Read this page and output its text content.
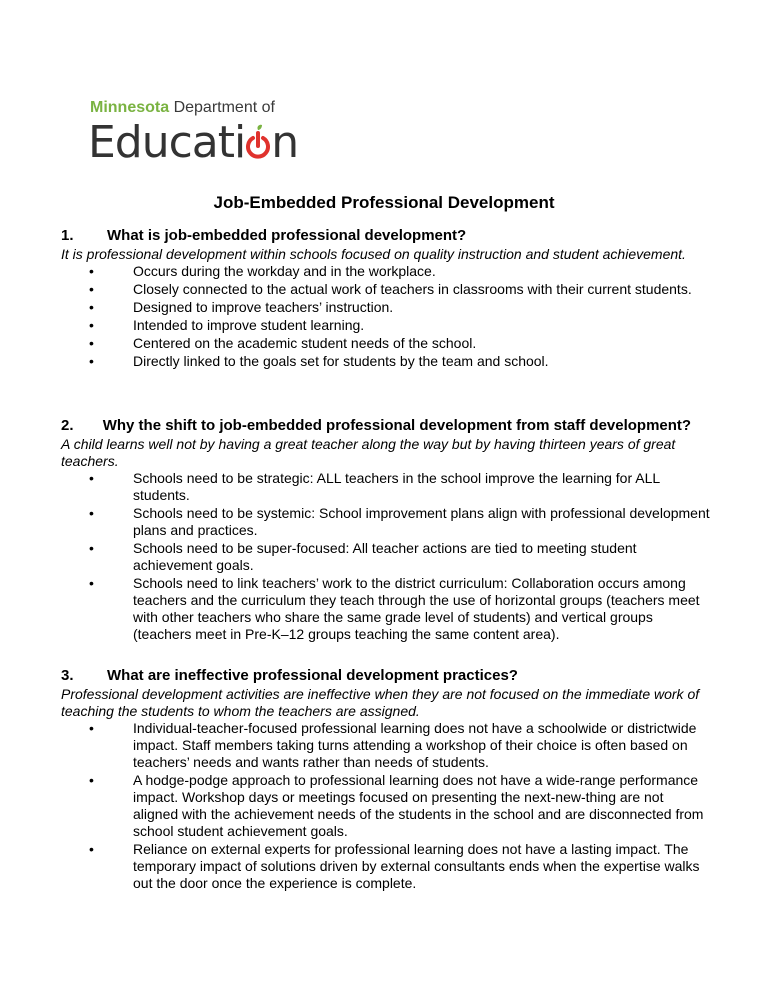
Minnesota Department of
Educati n
Job-Embedded Professional Development
1. What is job-embedded professional development?
It is professional development within schools focused on quality instruction and student achievement.
•	Occurs during the workday and in the workplace.
•	Closely connected to the actual work of teachers in classrooms with their current students.
•	Designed to improve teachers’ instruction.
•	Intended to improve student learning.
•	Centered on the academic student needs of the school.
•	Directly linked to the goals set for students by the team and school.
2. Why the shift to job-embedded professional development from staff development?
A child learns well not by having a great teacher along the way but by having thirteen years of great teachers.
•	Schools need to be strategic: ALL teachers in the school improve the learning for ALL students.
•	Schools need to be systemic: School improvement plans align with professional development plans and practices.
•	Schools need to be super-focused: All teacher actions are tied to meeting student achievement goals.
•	Schools need to link teachers’ work to the district curriculum: Collaboration occurs among teachers and the curriculum they teach through the use of horizontal groups (teachers meet with other teachers who share the same grade level of students) and vertical groups (teachers meet in Pre-K–12 groups teaching the same content area).
3. What are ineffective professional development practices?
Professional development activities are ineffective when they are not focused on the immediate work of teaching the students to whom the teachers are assigned.
•	Individual-teacher-focused professional learning does not have a schoolwide or districtwide impact. Staff members taking turns attending a workshop of their choice is often based on teachers’ needs and wants rather than needs of students.
•	A hodge-podge approach to professional learning does not have a wide-range performance impact. Workshop days or meetings focused on presenting the next-new-thing are not aligned with the achievement needs of the students in the school and are disconnected from school student achievement goals.
•	Reliance on external experts for professional learning does not have a lasting impact. The temporary impact of solutions driven by external consultants ends when the expertise walks out the door once the experience is complete.
